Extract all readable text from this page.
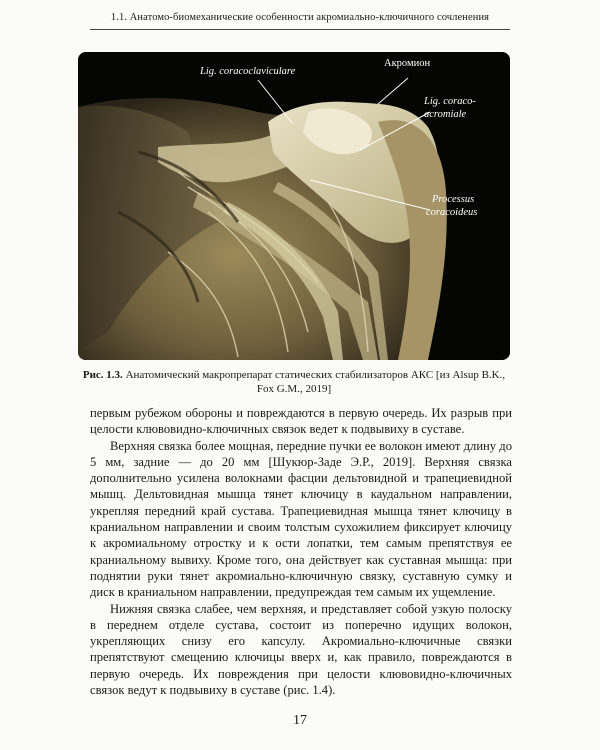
1.1. Анатомо-биомеханические особенности акромиально-ключичного сочленения
Lig. coracoclaviculare
Акромион
Lig. coraco-
acromiale
Processus
coracoideus
Рис. 1.3. Анатомический макропрепарат статических стабилизаторов АКС [из Alsup B.K.,
Fox G.M., 2019]

первым рубежом обороны и повреждаются в первую очередь. Их разрыв при целости клювовидно-ключичных связок ведет к подвывиху в суставе.

Верхняя связка более мощная, передние пучки ее волокон имеют длину до 5 мм, задние — до 20 мм [Шукюр-Заде Э.Р., 2019]. Верхняя связка дополнительно усилена волокнами фасции дельтовидной и трапециевидной мышц. Дельтовидная мышца тянет ключицу в каудальном направлении, укрепляя передний край сустава. Трапециевидная мышца тянет ключицу в краниальном направлении и своим толстым сухожилием фиксирует ключицу к акромиальному отростку и к ости лопатки, тем самым препятствуя ее краниальному вывиху. Кроме того, она действует как суставная мышца: при поднятии руки тянет акромиально-ключичную связку, суставную сумку и диск в краниальном направлении, предупреждая тем самым их ущемление.

Нижняя связка слабее, чем верхняя, и представляет собой узкую полоску в переднем отделе сустава, состоит из поперечно идущих волокон, укрепляющих снизу его капсулу. Акромиально-ключичные связки препятствуют смещению ключицы вверх и, как правило, повреждаются в первую очередь. Их повреждения при целости клювовидно-ключичных связок ведут к подвывиху в суставе (рис. 1.4).

17
